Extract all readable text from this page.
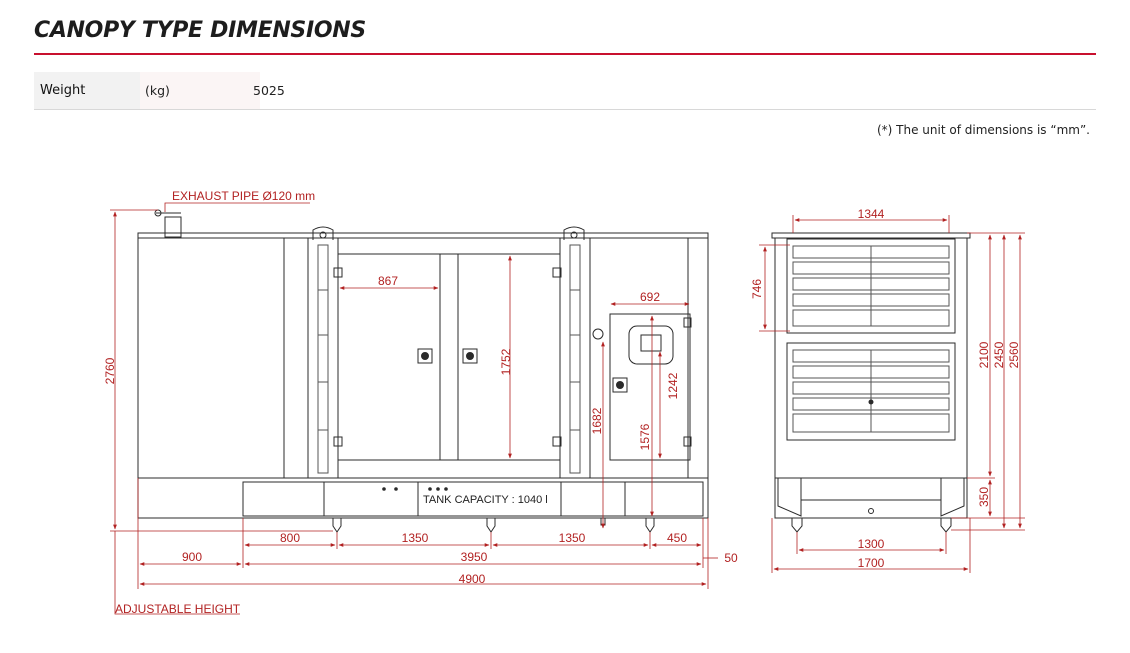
CANOPY TYPE DIMENSIONS
Weight	(kg)	5025
(*) The unit of dimensions is “mm”.
EXHAUST PIPE Ø120 mm
ADJUSTABLE HEIGHT
TANK CAPACITY : 1040 l
2760
867
1752
692
1242
1576
1682
800	1350	1350	450
900	3950	50
4900
1344
746
2100 2450 2560
350
1300
1700
